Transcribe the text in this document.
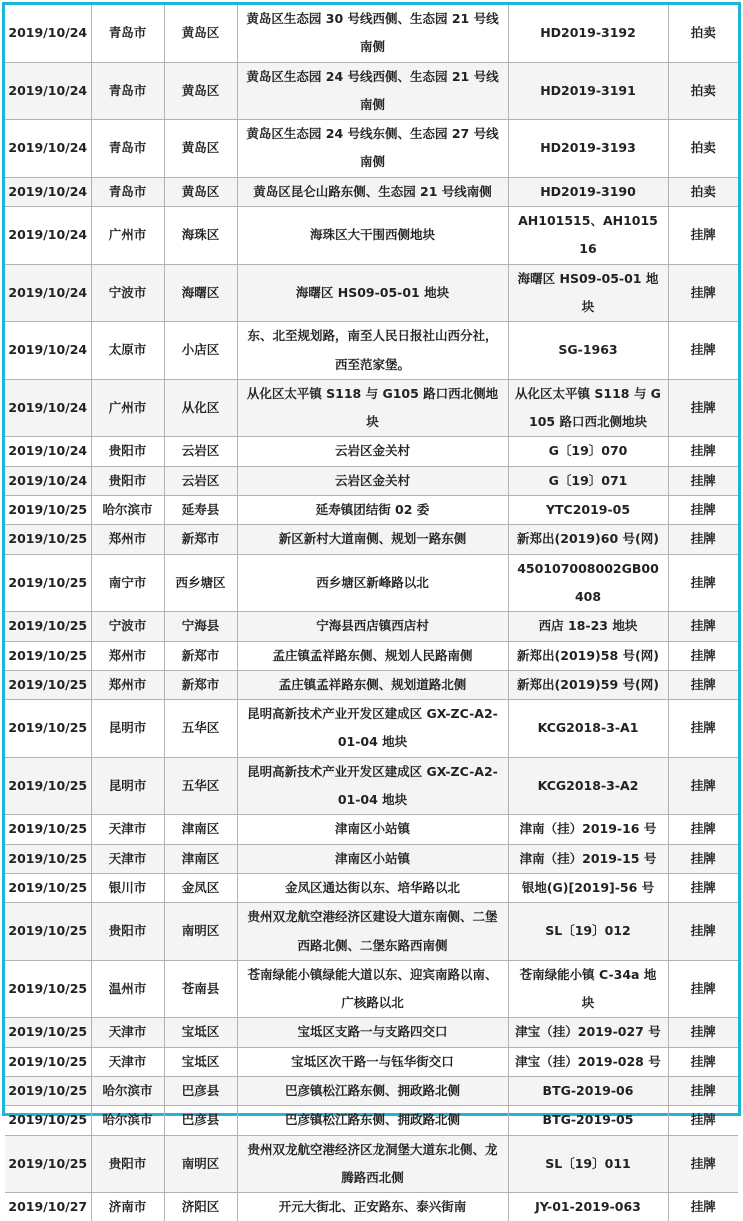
2019/10/24	青岛市	黄岛区	黄岛区生态园 30 号线西侧、生态园 21 号线南侧	HD2019-3192	拍卖
2019/10/24	青岛市	黄岛区	黄岛区生态园 24 号线西侧、生态园 21 号线南侧	HD2019-3191	拍卖
2019/10/24	青岛市	黄岛区	黄岛区生态园 24 号线东侧、生态园 27 号线南侧	HD2019-3193	拍卖
2019/10/24	青岛市	黄岛区	黄岛区昆仑山路东侧、生态园 21 号线南侧	HD2019-3190	拍卖
2019/10/24	广州市	海珠区	海珠区大干围西侧地块	AH101515、AH101516	挂牌
2019/10/24	宁波市	海曙区	海曙区 HS09-05-01 地块	海曙区 HS09-05-01 地块	挂牌
2019/10/24	太原市	小店区	东、北至规划路，南至人民日报社山西分社，西至范家堡。	SG-1963	挂牌
2019/10/24	广州市	从化区	从化区太平镇 S118 与 G105 路口西北侧地块	从化区太平镇 S118 与 G105 路口西北侧地块	挂牌
2019/10/24	贵阳市	云岩区	云岩区金关村	G〔19〕070	挂牌
2019/10/24	贵阳市	云岩区	云岩区金关村	G〔19〕071	挂牌
2019/10/25	哈尔滨市	延寿县	延寿镇团结街 02 委	YTC2019-05	挂牌
2019/10/25	郑州市	新郑市	新区新村大道南侧、规划一路东侧	新郑出(2019)60 号(网)	挂牌
2019/10/25	南宁市	西乡塘区	西乡塘区新峰路以北	450107008002GB00408	挂牌
2019/10/25	宁波市	宁海县	宁海县西店镇西店村	西店 18-23 地块	挂牌
2019/10/25	郑州市	新郑市	孟庄镇孟祥路东侧、规划人民路南侧	新郑出(2019)58 号(网)	挂牌
2019/10/25	郑州市	新郑市	孟庄镇孟祥路东侧、规划道路北侧	新郑出(2019)59 号(网)	挂牌
2019/10/25	昆明市	五华区	昆明高新技术产业开发区建成区 GX-ZC-A2-01-04 地块	KCG2018-3-A1	挂牌
2019/10/25	昆明市	五华区	昆明高新技术产业开发区建成区 GX-ZC-A2-01-04 地块	KCG2018-3-A2	挂牌
2019/10/25	天津市	津南区	津南区小站镇	津南（挂）2019-16 号	挂牌
2019/10/25	天津市	津南区	津南区小站镇	津南（挂）2019-15 号	挂牌
2019/10/25	银川市	金凤区	金凤区通达街以东、培华路以北	银地(G)[2019]-56 号	挂牌
2019/10/25	贵阳市	南明区	贵州双龙航空港经济区建设大道东南侧、二堡西路北侧、二堡东路西南侧	SL〔19〕012	挂牌
2019/10/25	温州市	苍南县	苍南绿能小镇绿能大道以东、迎宾南路以南、广核路以北	苍南绿能小镇 C-34a 地块	挂牌
2019/10/25	天津市	宝坻区	宝坻区支路一与支路四交口	津宝（挂）2019-027 号	挂牌
2019/10/25	天津市	宝坻区	宝坻区次干路一与钰华街交口	津宝（挂）2019-028 号	挂牌
2019/10/25	哈尔滨市	巴彦县	巴彦镇松江路东侧、拥政路北侧	BTG-2019-06	挂牌
2019/10/25	哈尔滨市	巴彦县	巴彦镇松江路东侧、拥政路北侧	BTG-2019-05	挂牌
2019/10/25	贵阳市	南明区	贵州双龙航空港经济区龙洞堡大道东北侧、龙腾路西北侧	SL〔19〕011	挂牌
2019/10/27	济南市	济阳区	开元大街北、正安路东、泰兴街南	JY-01-2019-063	挂牌
